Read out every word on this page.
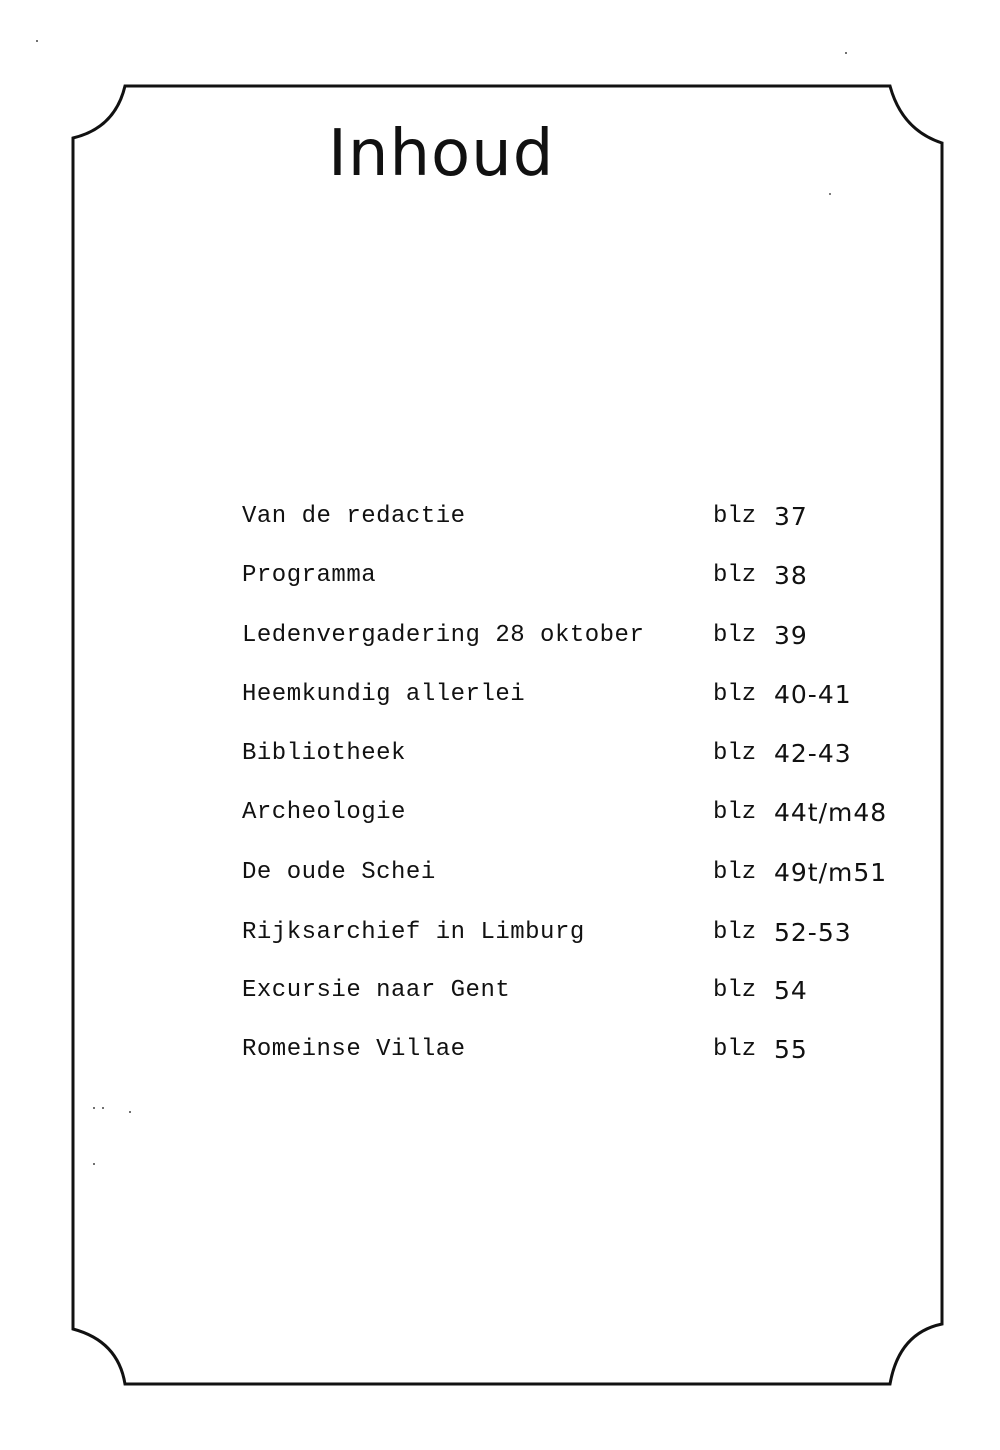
Inhoud
Van de redactie	blz 37
Programma	blz 38
Ledenvergadering 28 oktober	blz 39
Heemkundig allerlei	blz 40-41
Bibliotheek	blz 42-43
Archeologie	blz 44t/m48
De oude Schei	blz 49t/m51
Rijksarchief in Limburg	blz 52-53
Excursie naar Gent	blz 54
Romeinse Villae	blz 55
